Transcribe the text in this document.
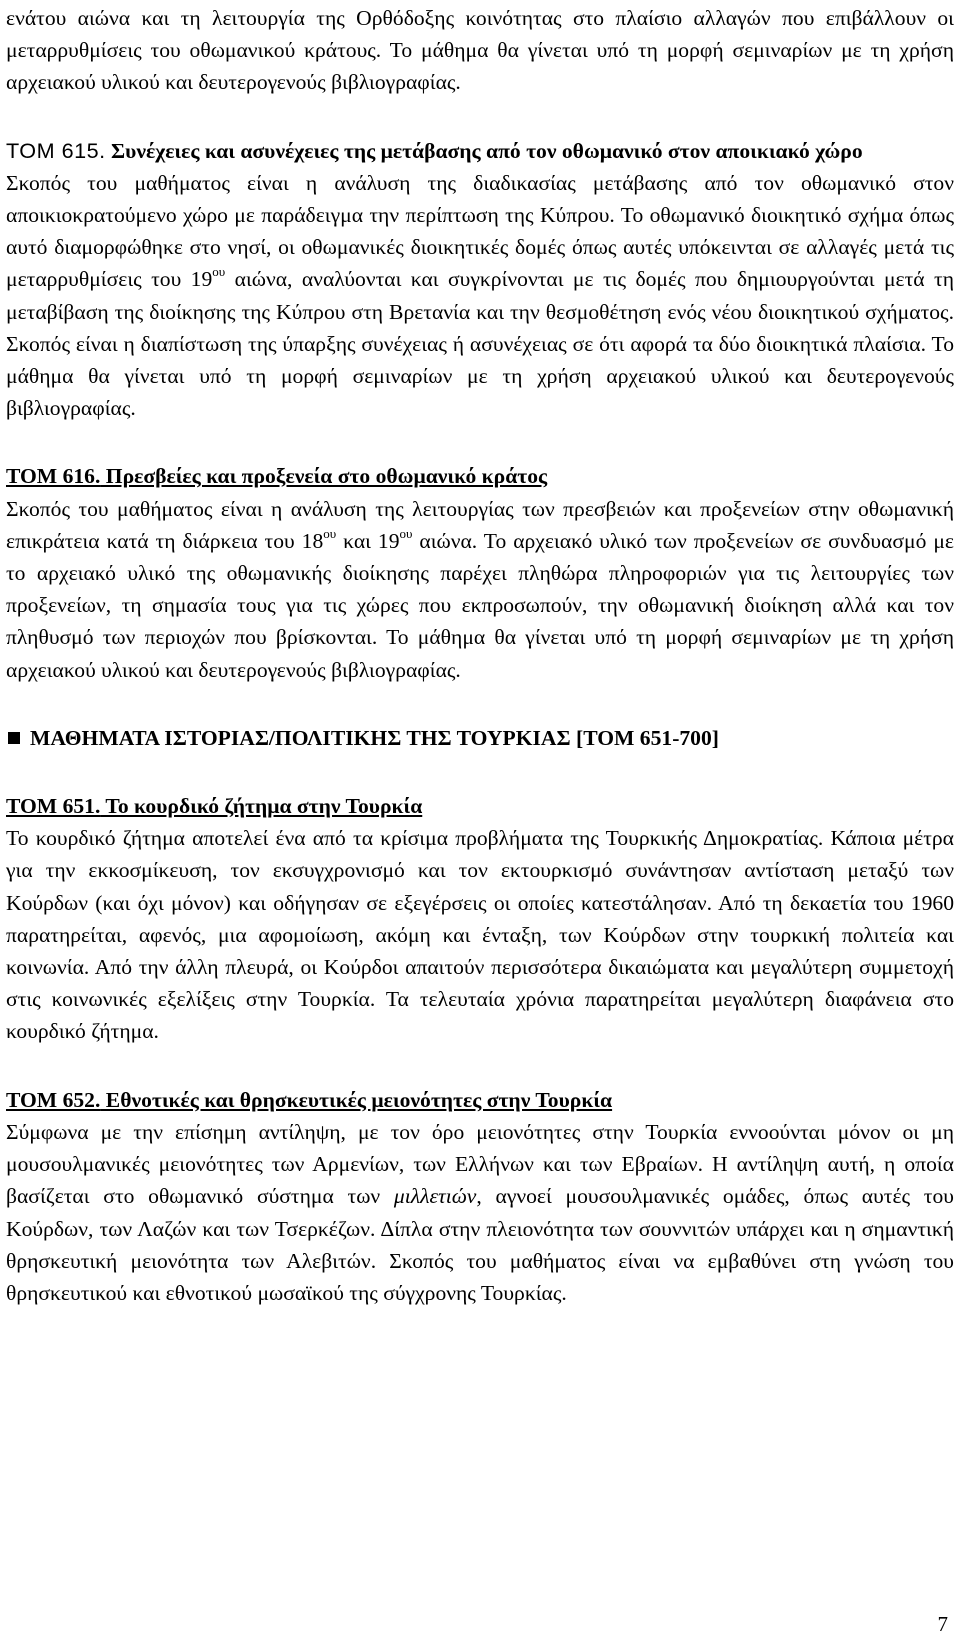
ενάτου αιώνα και τη λειτουργία της Ορθόδοξης κοινότητας στο πλαίσιο αλλαγών που επιβάλλουν οι μεταρρυθμίσεις του οθωμανικού κράτους. Το μάθημα θα γίνεται υπό τη μορφή σεμιναρίων με τη χρήση αρχειακού υλικού και δευτερογενούς βιβλιογραφίας.

ΤΟΜ 615. Συνέχειες και ασυνέχειες της μετάβασης από τον οθωμανικό στον αποικιακό χώρο
Σκοπός του μαθήματος είναι η ανάλυση της διαδικασίας μετάβασης από τον οθωμανικό στον αποικιοκρατούμενο χώρο με παράδειγμα την περίπτωση της Κύπρου. Το οθωμανικό διοικητικό σχήμα όπως αυτό διαμορφώθηκε στο νησί, οι οθωμανικές διοικητικές δομές όπως αυτές υπόκεινται σε αλλαγές μετά τις μεταρρυθμίσεις του $19^{o\upsilon}$ αιώνα, αναλύονται και συγκρίνονται με τις δομές που δημιουργούνται μετά τη μεταβίβαση της διοίκησης της Κύπρου στη Βρετανία και την θεσμοθέτηση ενός νέου διοικητικού σχήματος. Σκοπός είναι η διαπίστωση της ύπαρξης συνέχειας ή ασυνέχειας σε ότι αφορά τα δύο διοικητικά πλαίσια. Το μάθημα θα γίνεται υπό τη μορφή σεμιναρίων με τη χρήση αρχειακού υλικού και δευτερογενούς βιβλιογραφίας.

ΤΟΜ 616. Πρεσβείες και προξενεία στο οθωμανικό κράτος
Σκοπός του μαθήματος είναι η ανάλυση της λειτουργίας των πρεσβειών και προξενείων στην οθωμανική επικράτεια κατά τη διάρκεια του $18^{o\upsilon}$ και $19^{o\upsilon}$ αιώνα. Το αρχειακό υλικό των προξενείων σε συνδυασμό με το αρχειακό υλικό της οθωμανικής διοίκησης παρέχει πληθώρα πληροφοριών για τις λειτουργίες των προξενείων, τη σημασία τους για τις χώρες που εκπροσωπούν, την οθωμανική διοίκηση αλλά και τον πληθυσμό των περιοχών που βρίσκονται. Το μάθημα θα γίνεται υπό τη μορφή σεμιναρίων με τη χρήση αρχειακού υλικού και δευτερογενούς βιβλιογραφίας.

ΜΑΘΗΜΑΤΑ ΙΣΤΟΡΙΑΣ/ΠΟΛΙΤΙΚΗΣ ΤΗΣ ΤΟΥΡΚΙΑΣ [ΤΟΜ 651-700]

ΤΟΜ 651. Το κουρδικό ζήτημα στην Τουρκία
Το κουρδικό ζήτημα αποτελεί ένα από τα κρίσιμα προβλήματα της Τουρκικής Δημοκρατίας. Κάποια μέτρα για την εκκοσμίκευση, τον εκσυγχρονισμό και τον εκτουρκισμό συνάντησαν αντίσταση μεταξύ των Κούρδων (και όχι μόνον) και οδήγησαν σε εξεγέρσεις οι οποίες κατεστάλησαν. Από τη δεκαετία του 1960 παρατηρείται, αφενός, μια αφομοίωση, ακόμη και ένταξη, των Κούρδων στην τουρκική πολιτεία και κοινωνία. Από την άλλη πλευρά, οι Κούρδοι απαιτούν περισσότερα δικαιώματα και μεγαλύτερη συμμετοχή στις κοινωνικές εξελίξεις στην Τουρκία. Τα τελευταία χρόνια παρατηρείται μεγαλύτερη διαφάνεια στο κουρδικό ζήτημα.

ΤΟΜ 652. Εθνοτικές και θρησκευτικές μειονότητες στην Τουρκία
Σύμφωνα με την επίσημη αντίληψη, με τον όρο μειονότητες στην Τουρκία εννοούνται μόνον οι μη μουσουλμανικές μειονότητες των Αρμενίων, των Ελλήνων και των Εβραίων. Η αντίληψη αυτή, η οποία βασίζεται στο οθωμανικό σύστημα των μιλλετιών, αγνοεί μουσουλμανικές ομάδες, όπως αυτές του Κούρδων, των Λαζών και των Τσερκέζων. Δίπλα στην πλειονότητα των σουννιτών υπάρχει και η σημαντική θρησκευτική μειονότητα των Αλεβιτών. Σκοπός του μαθήματος είναι να εμβαθύνει στη γνώση του θρησκευτικού και εθνοτικού μωσαϊκού της σύγχρονης Τουρκίας.

7
